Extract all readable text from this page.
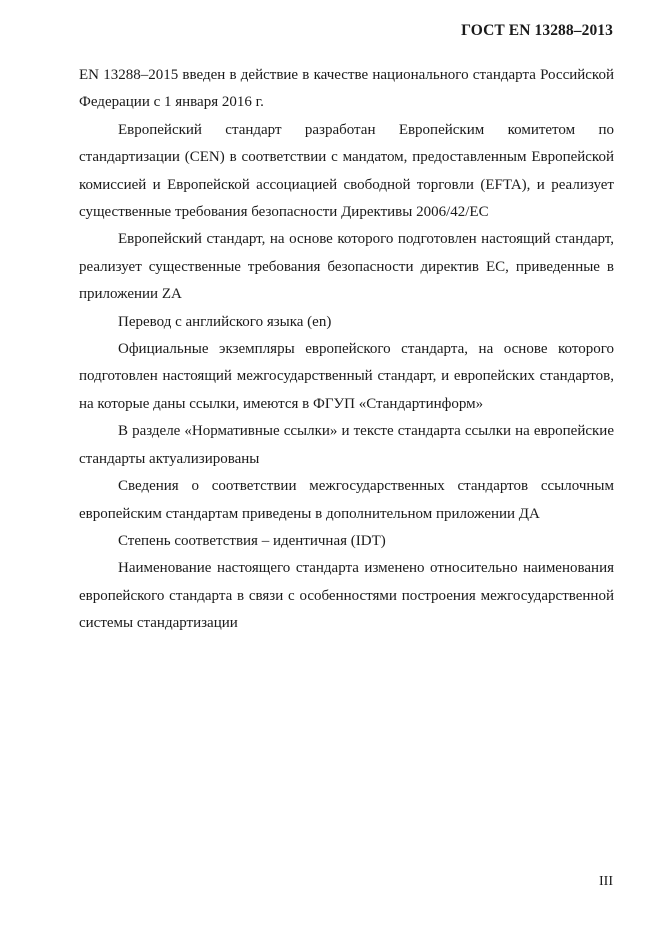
ГОСТ EN 13288–2013

EN 13288–2015 введен в действие в качестве национального стандарта Российской Федерации с 1 января 2016 г.

Европейский стандарт разработан Европейским комитетом по стандартизации (CEN) в соответствии с мандатом, предоставленным Европейской комиссией и Европейской ассоциацией свободной торговли (EFTA), и реализует существенные требования безопасности Директивы 2006/42/EC

Европейский стандарт, на основе которого подготовлен настоящий стандарт, реализует существенные требования безопасности директив ЕС, приведенные в приложении ZA

Перевод с английского языка (en)

Официальные экземпляры европейского стандарта, на основе которого подготовлен настоящий межгосударственный стандарт, и европейских стандартов, на которые даны ссылки, имеются в ФГУП «Стандартинформ»

В разделе «Нормативные ссылки» и тексте стандарта ссылки на европейские стандарты актуализированы

Сведения о соответствии межгосударственных стандартов ссылочным европейским стандартам приведены в дополнительном приложении ДА

Степень соответствия – идентичная (IDT)

Наименование настоящего стандарта изменено относительно наименования европейского стандарта в связи с особенностями построения межгосударственной системы стандартизации

III
